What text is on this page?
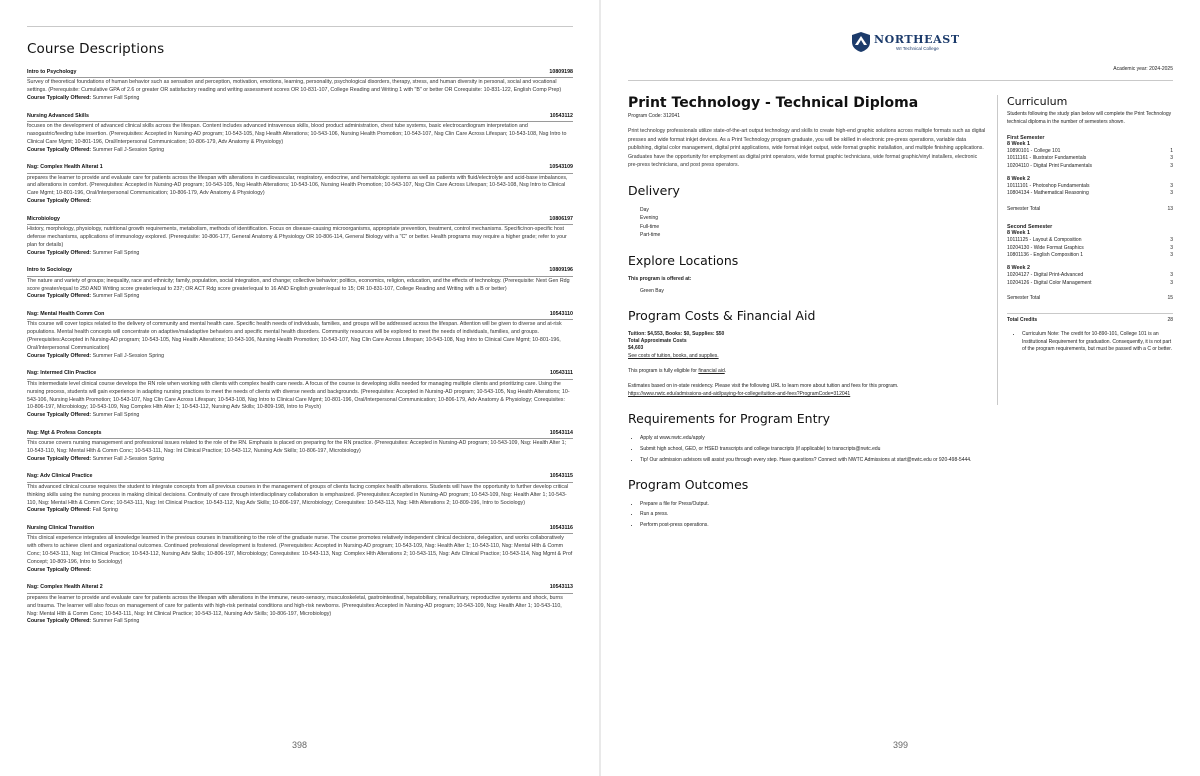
Course Descriptions
Intro to Psychology	10809198

Survey of theoretical foundations of human behavior such as sensation and perception, motivation, emotions, learning, personality, psychological disorders, therapy, stress, and human diversity in personal, social and vocational settings. (Prerequisite: Cumulative GPA of 2.6 or greater OR satisfactory reading and writing assessment scores OR 10-831-107, College Reading and Writing 1 with "B" or better OR Corequisite: 10-831-122, English Comp Prep)

Course Typically Offered: Summer Fall Spring
Nursing Advanced Skills	10543112

focuses on the development of advanced clinical skills across the lifespan. Content includes advanced intravenous skills, blood product administration, chest tube systems, basic electrocardiogram interpretation and nasogastric/feeding tube insertion. (Prerequisites: Accepted in Nursing-AD program; 10-543-105, Nsg Health Alterations; 10-543-106, Nursing Health Promotion; 10-543-107, Nsg Clin Care Across Lifespan; 10-543-108, Nsg Intro to Clinical Care Mgmt; 10-801-196, Oral/Interpersonal Communication; 10-806-179, Adv Anatomy & Physiology)

Course Typically Offered: Summer Fall J-Session Spring
Nsg: Complex Health Alterat 1	10543109

prepares the learner to provide and evaluate care for patients across the lifespan with alterations in cardiovascular, respiratory, endocrine, and hematologic systems as well as patients with fluid/electrolyte and acid-base imbalances, and alterations in comfort. (Prerequisites: Accepted in Nursing-AD program; 10-543-105, Nsg Health Alterations; 10-543-106, Nursing Health Promotion; 10-543-107, Nsg Clin Care Across Lifespan; 10-543-108, Nsg Intro to Clinical Care Mgmt; 10-801-196, Oral/Interpersonal Communication; 10-806-179, Adv Anatomy & Physiology)

Course Typically Offered:
Microbiology	10806197

History, morphology, physiology, nutritional growth requirements, metabolism, methods of identification. Focus on disease-causing microorganisms, appropriate prevention, treatment, control mechanisms. Specific/non-specific host defense mechanisms, applications of immunology explored. (Prerequisite: 10-806-177, General Anatomy & Physiology OR 10-806-114, General Biology with a "C" or better. Health programs may require a higher grade; refer to your plan for details)

Course Typically Offered: Summer Fall Spring
Intro to Sociology	10809196

The nature and variety of groups; inequality, race and ethnicity; family, population, social integration, and change; collective behavior; politics, economics, religion, education, and the effects of technology. (Prerequisite: Next Gen Rdg score greater/equal to 250 AND Writing score greater/equal to 237; OR ACT Rdg score greater/equal to 16 AND English greater/equal to 15; OR 10-831-107, College Reading and Writing with a B or better)

Course Typically Offered: Summer Fall Spring
Nsg: Mental Health Comm Con	10543110

This course will cover topics related to the delivery of community and mental health care. Specific health needs of individuals, families, and groups will be addressed across the lifespan. Attention will be given to diverse and at-risk populations. Mental health concepts will concentrate on adaptive/maladaptive behaviors and specific mental health disorders. Community resources will be explored to meet the needs of individuals, families, and groups. (Prerequisites:Accepted in Nursing-AD program; 10-543-105, Nsg Health Alterations; 10-543-106, Nursing Health Promotion; 10-543-107, Nsg Clin Care Across Lifespan; 10-543-108, Nsg Intro to Clinical Care Mgmt; 10-801-196, Oral/Interpersonal Communication)

Course Typically Offered: Summer Fall J-Session Spring
Nsg: Intermed Clin Practice	10543111

This intermediate level clinical course develops the RN role when working with clients with complex health care needs. A focus of the course is developing skills needed for managing multiple clients and prioritizing care. Using the nursing process, students will gain experience in adapting nursing practices to meet the needs of clients with diverse needs and backgrounds. (Prerequisites: Accepted in Nursing-AD program; 10-543-105, Nsg Health Alterations; 10-543-106, Nursing Health Promotion; 10-543-107, Nsg Clin Care Across Lifespan; 10-543-108, Nsg Intro to Clinical Care Mgmt; 10-801-196, Oral/Interpersonal Communication; 10-806-179, Adv Anatomy & Physiology; Corequisites: 10-806-197, Microbiology; 10-543-109, Nsg Complex Hlth Alter 1; 10-543-112, Nursing Adv Skills; 10-809-198, Intro to Psych)

Course Typically Offered: Summer Fall Spring
Nsg: Mgt & Profess Concepts	10543114

This course covers nursing management and professional issues related to the role of the RN. Emphasis is placed on preparing for the RN practice. (Prerequisites: Accepted in Nursing-AD program; 10-543-109, Nsg: Health Alter 1; 10-543-110, Nsg: Mental Hlth & Comm Conc; 10-543-111, Nsg: Int Clinical Practice; 10-543-112, Nursing Adv Skills; 10-806-197, Microbiology)

Course Typically Offered: Summer Fall J-Session Spring
Nsg: Adv Clinical Practice	10543115

This advanced clinical course requires the student to integrate concepts from all previous courses in the management of groups of clients facing complex health alterations. Students will have the opportunity to further develop critical thinking skills using the nursing process in making clinical decisions. Continuity of care through interdisciplinary collaboration is emphasized. (Prerequisites:Accepted in Nursing-AD program; 10-543-109, Nsg: Health Alter 1; 10-543-110, Nsg: Mental Hlth & Comm Conc; 10-543-111, Nsg: Int Clinical Practice; 10-543-112, Nsg Adv Skills; 10-806-197, Microbiology; Corequisites: 10-543-113, Nsg: Hlth Alterations 2; 10-809-196, Intro to Sociology)

Course Typically Offered: Fall Spring
Nursing Clinical Transition	10543116

This clinical experience integrates all knowledge learned in the previous courses in transitioning to the role of the graduate nurse. The course promotes relatively independent clinical decisions, delegation, and works collaboratively with others to achieve client and organizational outcomes. Continued professional development is fostered. (Prerequisites: Accepted in Nursing-AD program; 10-543-109, Nsg: Health Alter 1; 10-543-110, Nsg: Mental Hlth & Comm Conc; 10-543-111, Nsg: Int Clinical Practice; 10-543-112, Nursing Adv Skills; 10-806-197, Microbiology; Corequisites: 10-543-113, Nsg: Complex Hlth Alterations 2; 10-543-115, Nsg: Adv Clinical Practice; 10-543-114, Nsg Mgmt & Prof Concept; 10-809-196, Intro to Sociology)

Course Typically Offered:
Nsg: Complex Health Alterat 2	10543113

prepares the learner to provide and evaluate care for patients across the lifespan with alterations in the immune, neuro-sensory, musculoskeletal, gastrointestinal, hepatobiliary, renal/urinary, reproductive systems and shock, burns and trauma. The learner will also focus on management of care for patients with high-risk perinatal conditions and high-risk newborns. (Prerequisites:Accepted in Nursing-AD program; 10-543-109, Nsg: Health Alter 1; 10-543-110, Nsg: Mental Hlth & Comm Conc; 10-543-111, Nsg: Int Clinical Practice; 10-543-112, Nursing Adv Skills; 10-806-197, Microbiology)

Course Typically Offered: Summer Fall Spring
398
NORTHEAST
WI Technical College
Academic year: 2024-2025
Print Technology - Technical Diploma
Program Code: 312041

Print technology professionals utilize state-of-the-art output technology and skills to create high-end graphic solutions across multiple formats such as digital presses and wide format inkjet devices. As a Print Technology program graduate, you will be skilled in electronic pre-press operations, variable data publishing, digital color management, digital print applications, wide format inkjet output, wide format graphic installation, and multiple finishing applications. Graduates have the opportunity for employment as digital print operators, wide format graphic technicians, wide format graphic/vinyl installers, electronic pre-press technicians, and post press operators.

Delivery
Day
Evening
Full-time
Part-time
Explore Locations

This program is offered at:

Green Bay
Program Costs & Financial Aid

Tuition: $4,553, Books: $0, Supplies: $50

Total Approximate Costs

$4,603

See costs of tuition, books, and supplies.

This program is fully eligible for financial aid.

Estimates based on in-state residency. Please visit the following URL to learn more about tuition and fees for this program.

https://www.nwtc.edu/admissions-and-aid/paying-for-college/tuition-and-fees?ProgramCode=312041

Requirements for Program Entry
• Apply at www.nwtc.edu/apply
• Submit high school, GED, or HSED transcripts and college transcripts (if applicable) to transcripts@nwtc.edu
• Tip! Our admission advisors will assist you through every step. Have questions? Connect with NWTC Admissions at start@nwtc.edu or 920-498-5444.
Program Outcomes
• Prepare a file for Press/Output.
• Run a press.
• Perform post-press operations.
Curriculum

Students following the study plan below will complete the Print Technology technical diploma in the number of semesters shown.

First Semester

8 Week 1

10890101 - College 101	1
10111161 - Illustrator Fundamentals	3
10204110 - Digital Print Fundamentals	3

8 Week 2

10111101 - Photoshop Fundamentals	3
10804134 - Mathematical Reasoning	3
Semester Total	13

Second Semester

8 Week 1

10111125 - Layout & Composition	3
10204130 - Wide Format Graphics	3
10801136 - English Composition 1	3

8 Week 2

10204127 - Digital Print-Advanced	3
10204126 - Digital Color Management	3
Semester Total	15
Total Credits	28
• Curriculum Note: The credit for 10-890-101, College 101 is an Institutional Requirement for graduation. Consequently, it is not part of the program requirements, but must be passed with a C or better.
399
